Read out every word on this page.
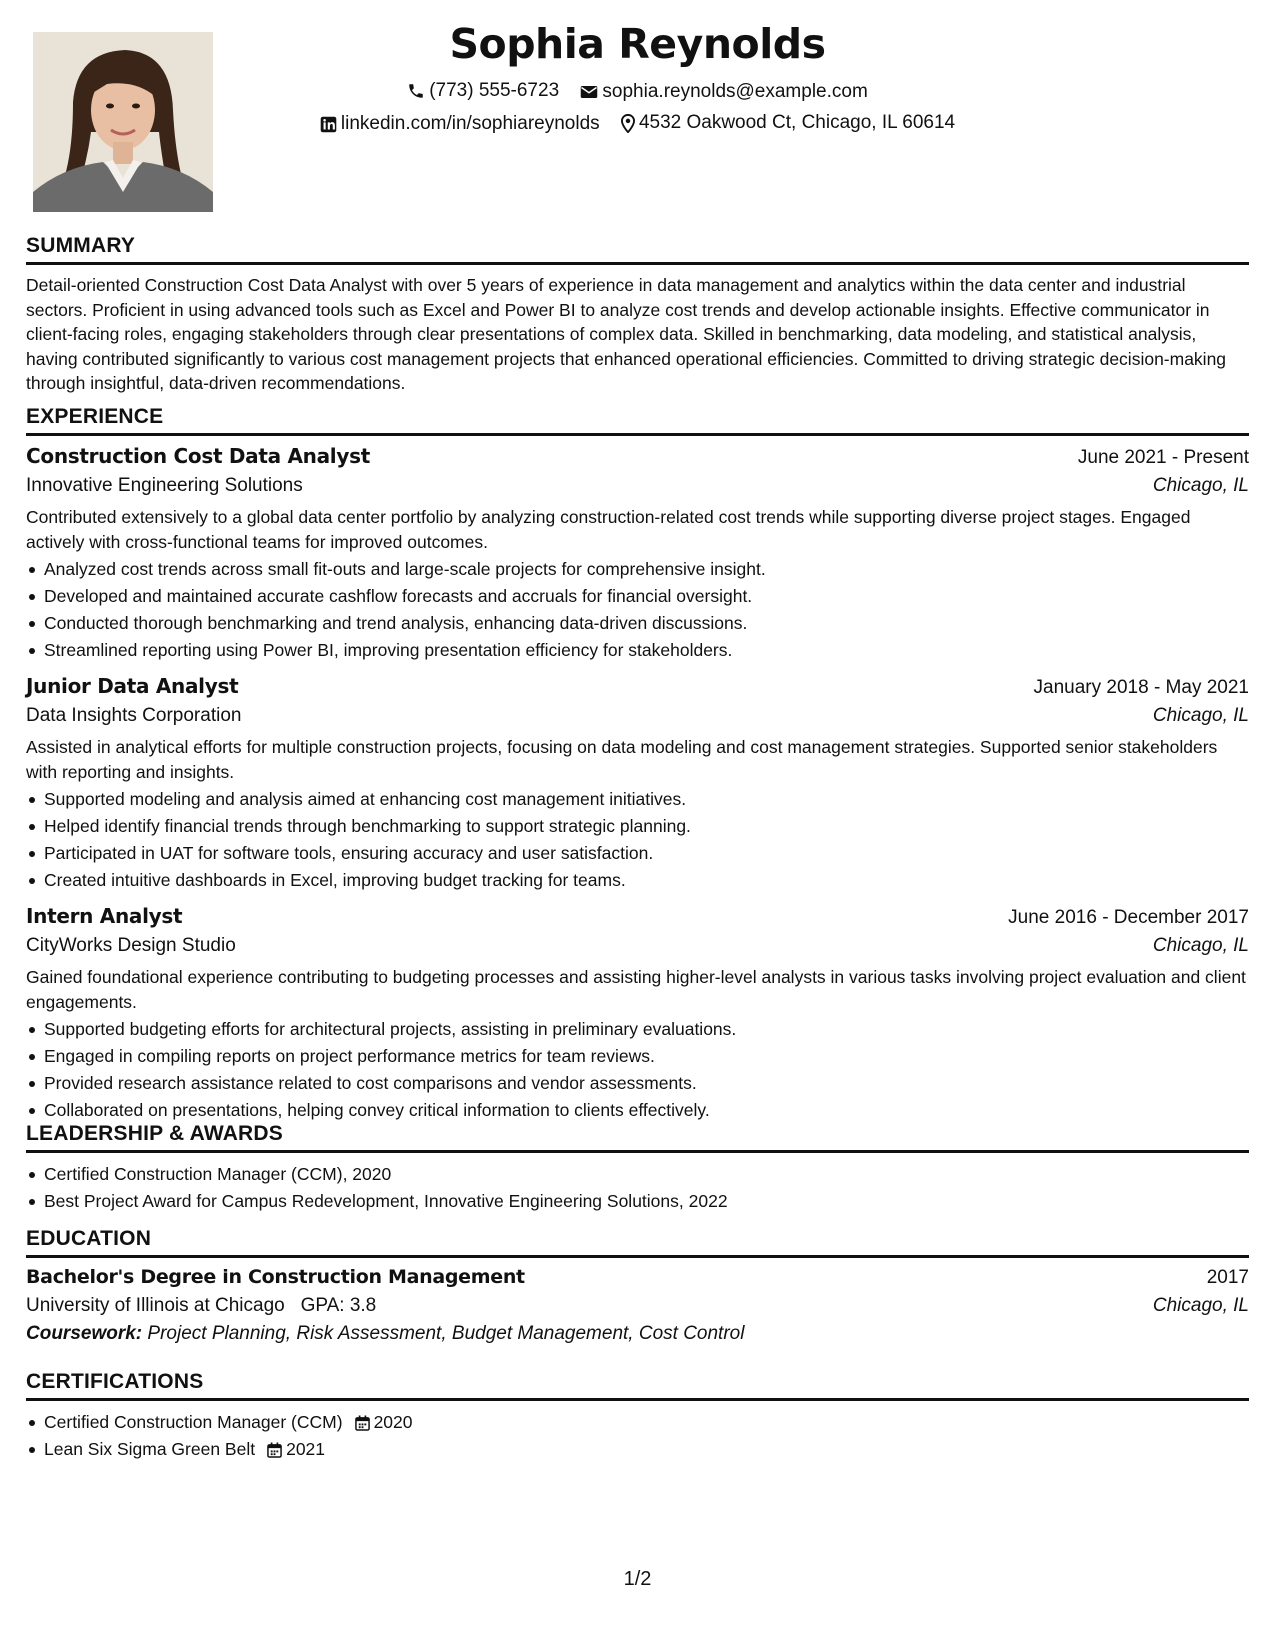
Sophia Reynolds
(773) 555-6723
sophia.reynolds@example.com
linkedin.com/in/sophiareynolds
4532 Oakwood Ct, Chicago, IL 60614
SUMMARY
Detail-oriented Construction Cost Data Analyst with over 5 years of experience in data management and analytics within the data center and industrial sectors. Proficient in using advanced tools such as Excel and Power BI to analyze cost trends and develop actionable insights. Effective communicator in client-facing roles, engaging stakeholders through clear presentations of complex data. Skilled in benchmarking, data modeling, and statistical analysis, having contributed significantly to various cost management projects that enhanced operational efficiencies. Committed to driving strategic decision-making through insightful, data-driven recommendations.
EXPERIENCE
Construction Cost Data Analyst	June 2021 - Present
Innovative Engineering Solutions	Chicago, IL
Contributed extensively to a global data center portfolio by analyzing construction-related cost trends while supporting diverse project stages. Engaged actively with cross-functional teams for improved outcomes.
Analyzed cost trends across small fit-outs and large-scale projects for comprehensive insight.
Developed and maintained accurate cashflow forecasts and accruals for financial oversight.
Conducted thorough benchmarking and trend analysis, enhancing data-driven discussions.
Streamlined reporting using Power BI, improving presentation efficiency for stakeholders.
Junior Data Analyst	January 2018 - May 2021
Data Insights Corporation	Chicago, IL
Assisted in analytical efforts for multiple construction projects, focusing on data modeling and cost management strategies. Supported senior stakeholders with reporting and insights.
Supported modeling and analysis aimed at enhancing cost management initiatives.
Helped identify financial trends through benchmarking to support strategic planning.
Participated in UAT for software tools, ensuring accuracy and user satisfaction.
Created intuitive dashboards in Excel, improving budget tracking for teams.
Intern Analyst	June 2016 - December 2017
CityWorks Design Studio	Chicago, IL
Gained foundational experience contributing to budgeting processes and assisting higher-level analysts in various tasks involving project evaluation and client engagements.
Supported budgeting efforts for architectural projects, assisting in preliminary evaluations.
Engaged in compiling reports on project performance metrics for team reviews.
Provided research assistance related to cost comparisons and vendor assessments.
Collaborated on presentations, helping convey critical information to clients effectively.
LEADERSHIP & AWARDS
Certified Construction Manager (CCM), 2020
Best Project Award for Campus Redevelopment, Innovative Engineering Solutions, 2022
EDUCATION
Bachelor's Degree in Construction Management	2017
University of Illinois at Chicago GPA: 3.8	Chicago, IL
Coursework: Project Planning, Risk Assessment, Budget Management, Cost Control
CERTIFICATIONS
Certified Construction Manager (CCM) 2020
Lean Six Sigma Green Belt 2021
1/2
